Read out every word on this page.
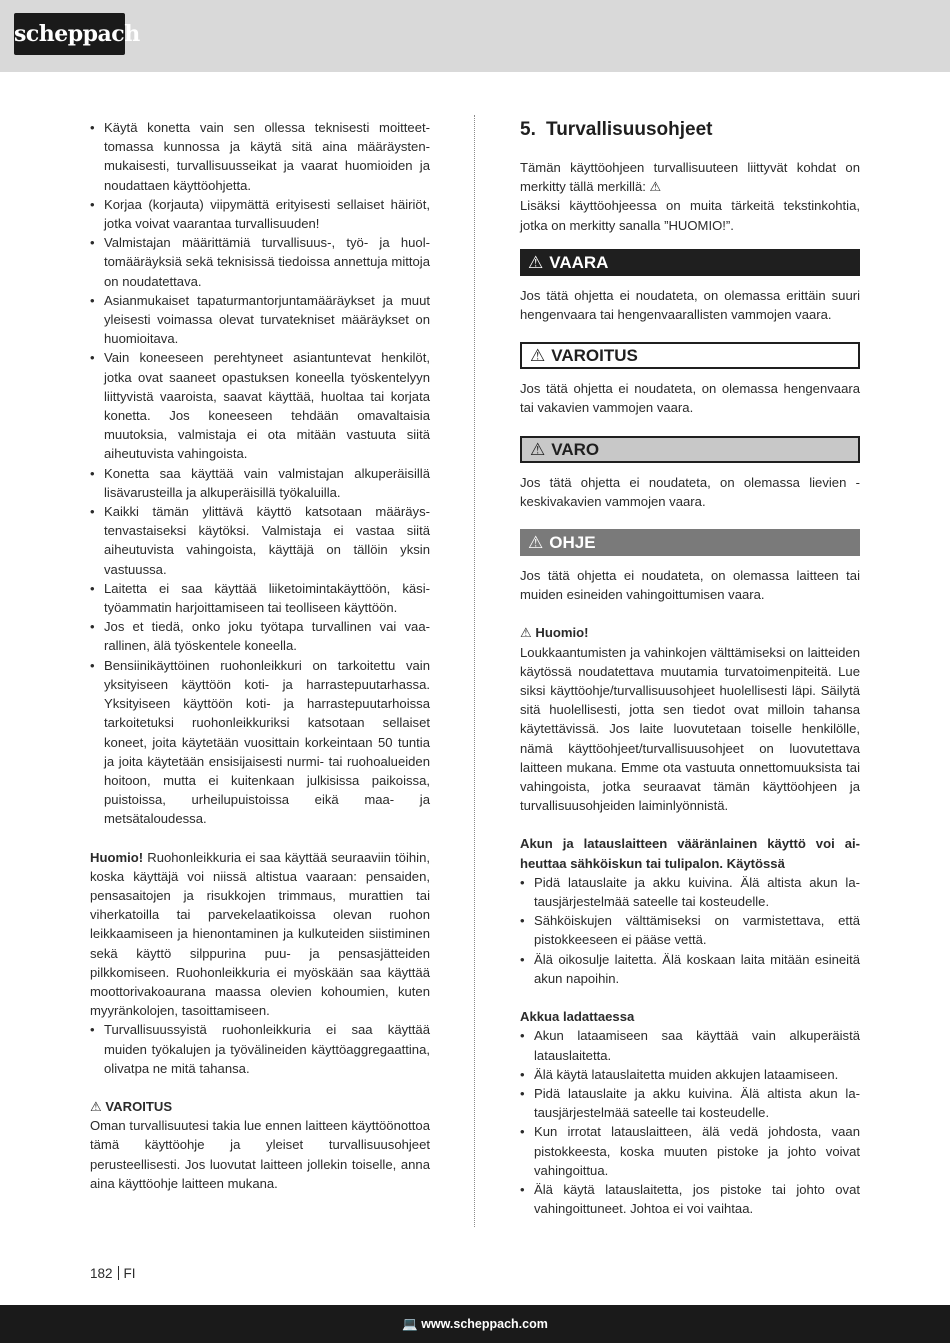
scheppach
• Käytä konetta vain sen ollessa teknisesti moitteettomassa kunnossa ja käytä sitä aina määräystenmukaisesti, turvallisuusseikat ja vaarat huomioiden ja noudattaen käyttöohjetta.
• Korjaa (korjauta) viipymättä erityisesti sellaiset häiriöt, jotka voivat vaarantaa turvallisuuden!
• Valmistajan määrittämiä turvallisuus-, työ- ja huoltomääräyksiä sekä teknisissä tiedoissa annettuja mittoja on noudatettava.
• Asianmukaiset tapaturmantorjuntamääräykset ja muut yleisesti voimassa olevat turvatekniset määräykset on huomioitava.
• Vain koneeseen perehtyneet asiantuntevat henkilöt, jotka ovat saaneet opastuksen koneella työskentelyyn liittyvistä vaaroista, saavat käyttää, huoltaa tai korjata konetta. Jos koneeseen tehdään omavaltaisia muutoksia, valmistaja ei ota mitään vastuuta siitä aiheutuvista vahingoista.
• Konetta saa käyttää vain valmistajan alkuperäisillä lisävarusteilla ja alkuperäisillä työkaluilla.
• Kaikki tämän ylittävä käyttö katsotaan määräystenvastaiseksi käytöksi. Valmistaja ei vastaa siitä aiheutuvista vahingoista, käyttäjä on tällöin yksin vastuussa.
• Laitetta ei saa käyttää liiketoimintakäyttöön, käsityöammatin harjoittamiseen tai teolliseen käyttöön.
• Jos et tiedä, onko joku työtapa turvallinen vai vaarallinen, älä työskentele koneella.
• Bensiinikäyttöinen ruohonleikkuri on tarkoitettu vain yksityiseen käyttöön koti- ja harrastepuutarhassa. Yksityiseen käyttöön koti- ja harrastepuutarhoissa tarkoitetuksi ruohonleikkuriksi katsotaan sellaiset koneet, joita käytetään vuosittain korkeintaan 50 tuntia ja joita käytetään ensisijaisesti nurmi- tai ruohoalueiden hoitoon, mutta ei kuitenkaan julkisissa paikoissa, puistoissa, urheilupuistoissa eikä maa- ja metsätaloudessa.

Huomio! Ruohonleikkuria ei saa käyttää seuraaviin töihin, koska käyttäjä voi niissä altistua vaaraan: pensaiden, pensasaitojen ja risukkojen trimmaus, murattien tai viherkatoilla tai parvekelaatikoissa olevan ruohon leikkaamiseen ja hienontaminen ja kulkuteiden siistiminen sekä käyttö silppurina puu- ja pensasjätteiden pilkkomiseen. Ruohonleikkuria ei myöskään saa käyttää moottorivakoaurana maassa olevien kohoumien, kuten myyränkolojen, tasoittamiseen.

• Turvallisuussyistä ruohonleikkuria ei saa käyttää muiden työkalujen ja työvälineiden käyttöaggregaattina, olivatpa ne mitä tahansa.

⚠ VAROITUS

Oman turvallisuutesi takia lue ennen laitteen käyttöönottoa tämä käyttöohje ja yleiset turvallisuusohjeet perusteellisesti. Jos luovutat laitteen jollekin toiselle, anna aina käyttöohje laitteen mukana.

5. Turvallisuusohjeet

Tämän käyttöohjeen turvallisuuteen liittyvät kohdat on merkitty tällä merkillä: ⚠

Lisäksi käyttöohjeessa on muita tärkeitä tekstinkohtia, jotka on merkitty sanalla ”HUOMIO!”.

⚠ VAARA

Jos tätä ohjetta ei noudateta, on olemassa erittäin suuri hengenvaara tai hengenvaarallisten vammojen vaara.

⚠ VAROITUS

Jos tätä ohjetta ei noudateta, on olemassa hengenvaara tai vakavien vammojen vaara.

⚠ VARO

Jos tätä ohjetta ei noudateta, on olemassa lievien - keskivakavien vammojen vaara.

⚠ OHJE

Jos tätä ohjetta ei noudateta, on olemassa laitteen tai muiden esineiden vahingoittumisen vaara.

⚠ Huomio!

Loukkaantumisten ja vahinkojen välttämiseksi on laitteiden käytössä noudatettava muutamia turvatoimenpiteitä. Lue siksi käyttöohje/turvallisuusohjeet huolellisesti läpi. Säilytä sitä huolellisesti, jotta sen tiedot ovat milloin tahansa käytettävissä. Jos laite luovutetaan toiselle henkilölle, nämä käyttöohjeet/turvallisuusohjeet on luovutettava laitteen mukana. Emme ota vastuuta onnettomuuksista tai vahingoista, jotka seuraavat tämän käyttöohjeen ja turvallisuusohjeiden laiminlyönnistä.

Akun ja latauslaitteen vääränlainen käyttö voi aiheuttaa sähköiskun tai tulipalon. Käytössä

• Pidä latauslaite ja akku kuivina. Älä altista akun latausjärjestelmää sateelle tai kosteudelle.
• Sähköiskujen välttämiseksi on varmistettava, että pistokkeeseen ei pääse vettä.
• Älä oikosulje laitetta. Älä koskaan laita mitään esineitä akun napoihin.

Akkua ladattaessa

• Akun lataamiseen saa käyttää vain alkuperäistä latauslaitetta.
• Älä käytä latauslaitetta muiden akkujen lataamiseen.
• Pidä latauslaite ja akku kuivina. Älä altista akun latausjärjestelmää sateelle tai kosteudelle.
• Kun irrotat latauslaitteen, älä vedä johdosta, vaan pistokkeesta, koska muuten pistoke ja johto voivat vahingoittua.
• Älä käytä latauslaitetta, jos pistoke tai johto ovat vahingoittuneet. Johtoa ei voi vaihtaa.
182 FI
💻 www.scheppach.com
